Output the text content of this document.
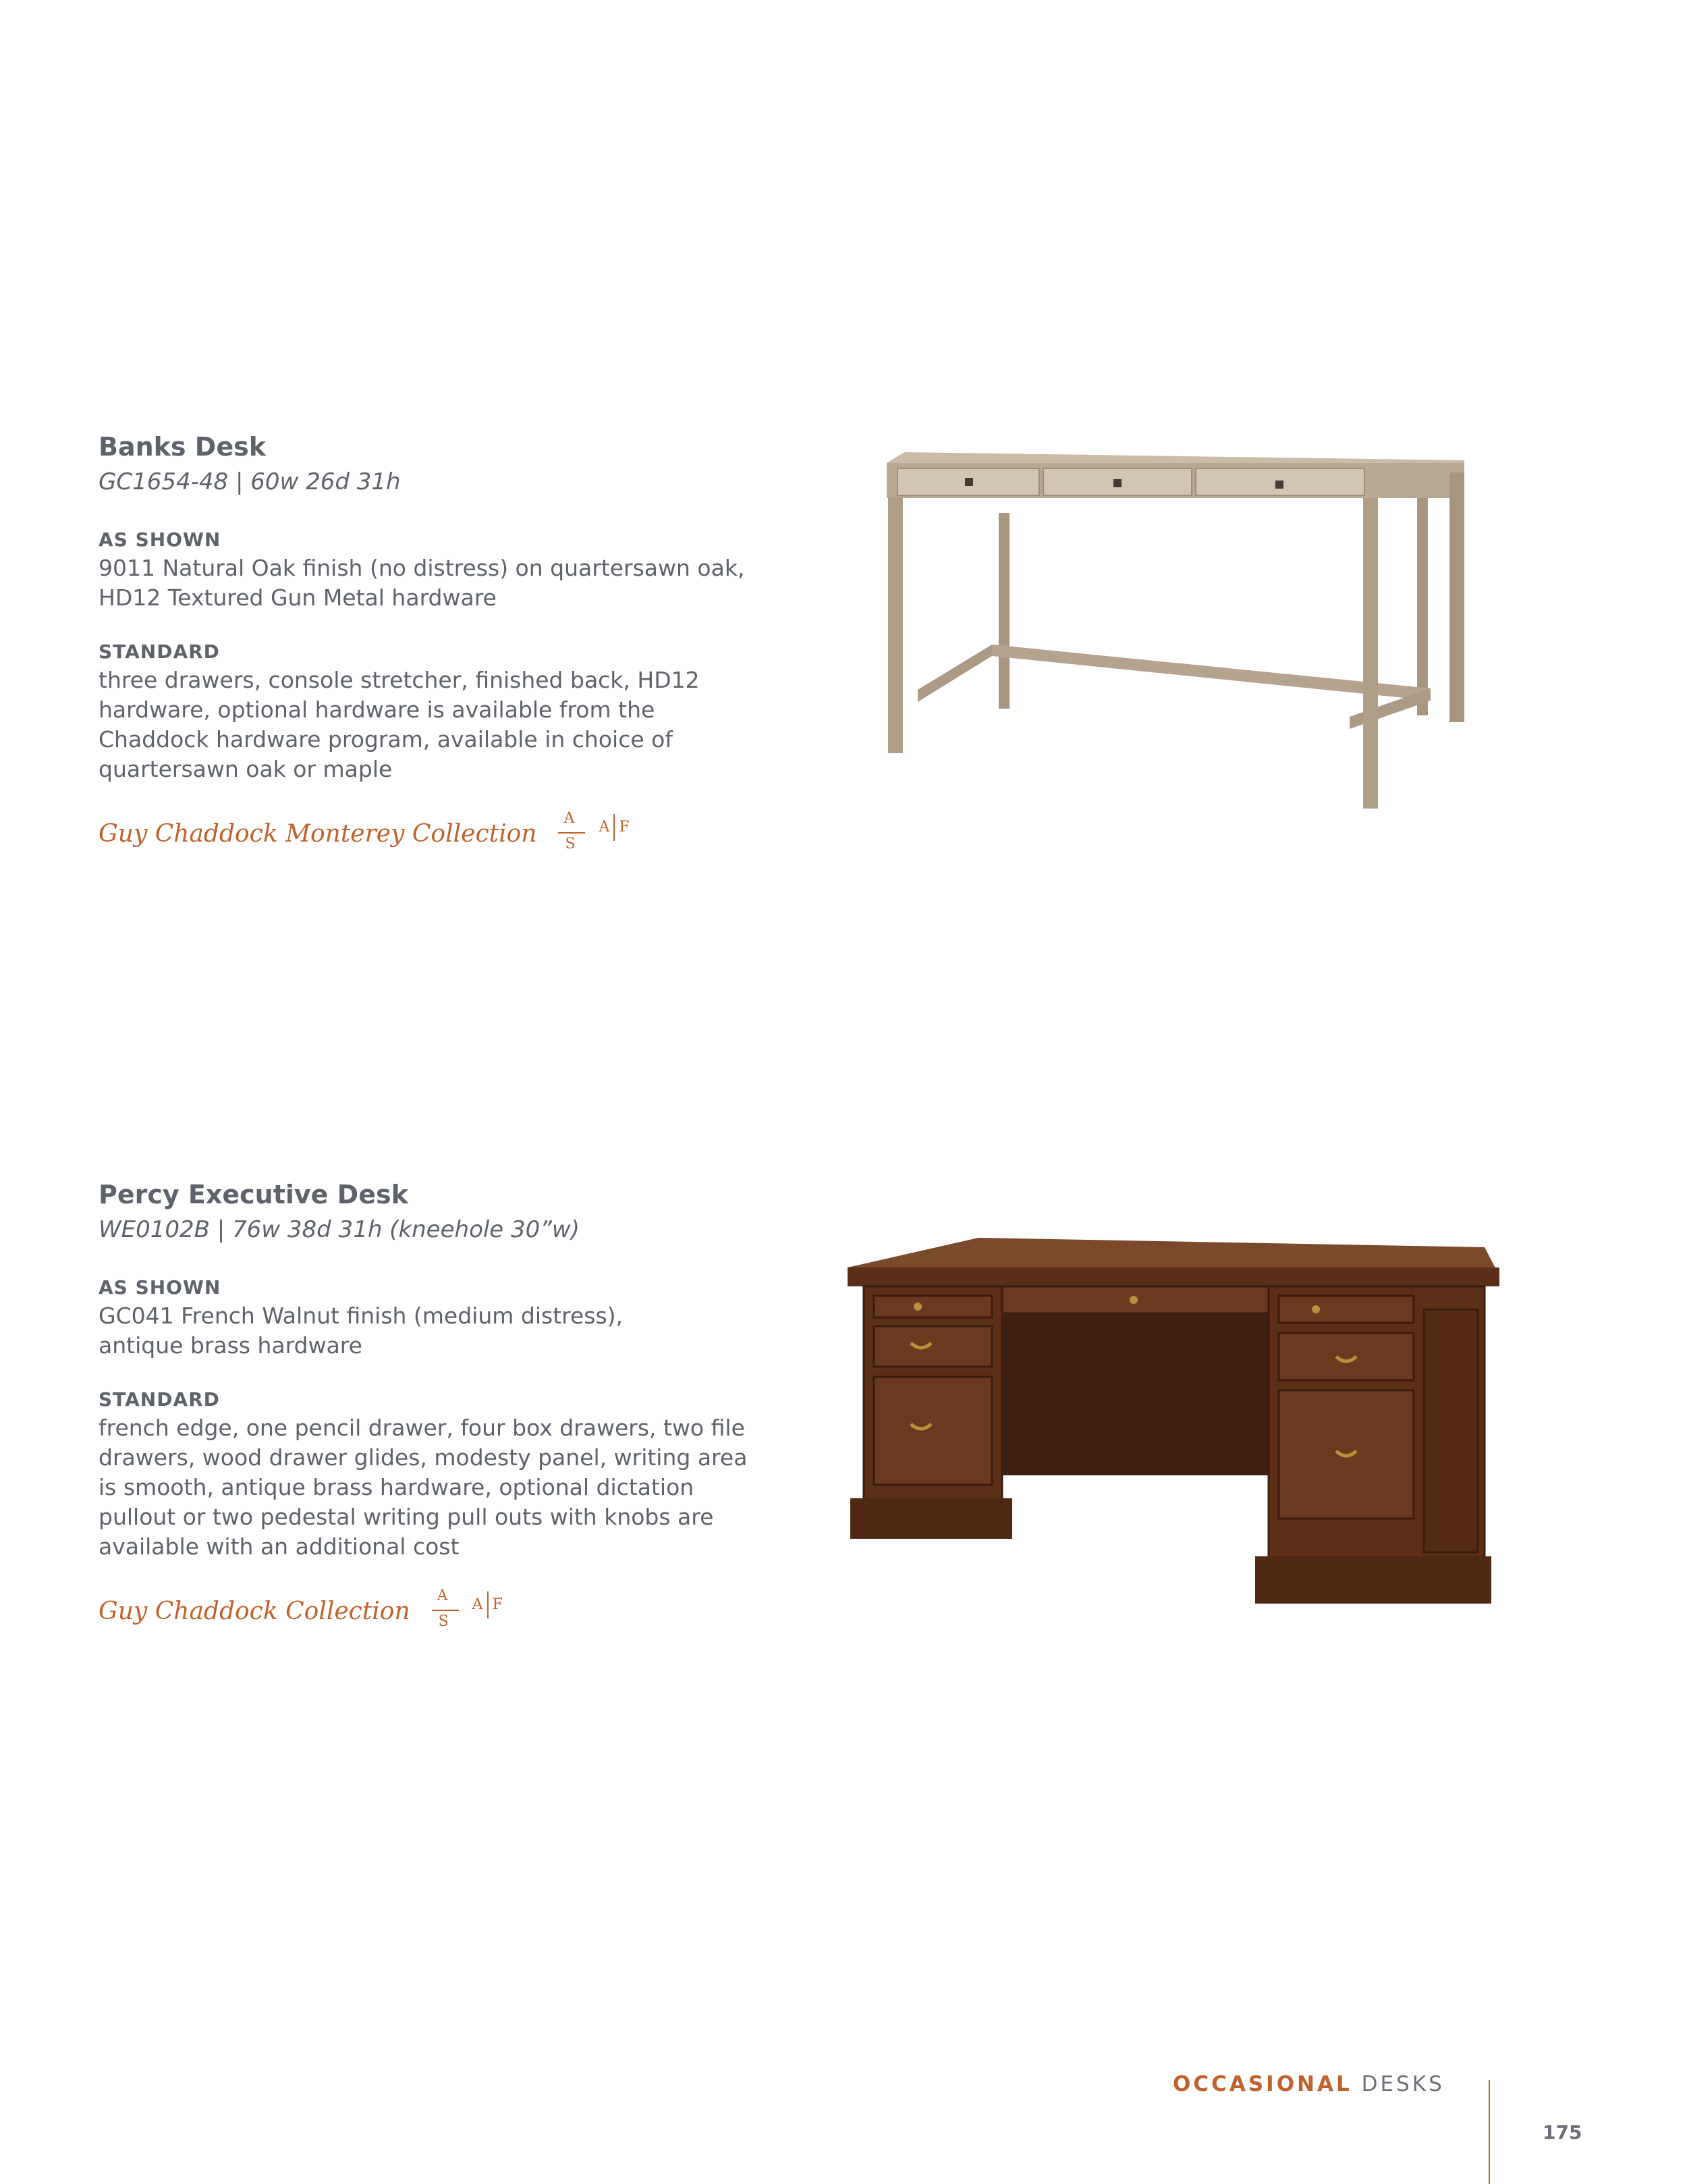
Banks Desk

GC1654-48 | 60w 26d 31h

AS SHOWN

9011 Natural Oak finish (no distress) on quartersawn oak,
HD12 Textured Gun Metal hardware

STANDARD

three drawers, console stretcher, finished back, HD12
hardware, optional hardware is available from the
Chaddock hardware program, available in choice of
quartersawn oak or maple

Guy Chaddock Monterey Collection
A
S
A F
Percy Executive Desk

WE0102B | 76w 38d 31h (kneehole 30”w)

AS SHOWN

GC041 French Walnut finish (medium distress),
antique brass hardware

STANDARD

french edge, one pencil drawer, four box drawers, two file
drawers, wood drawer glides, modesty panel, writing area
is smooth, antique brass hardware, optional dictation
pullout or two pedestal writing pull outs with knobs are
available with an additional cost

Guy Chaddock Collection
A
S
A F
OCCASIONAL DESKS
175
